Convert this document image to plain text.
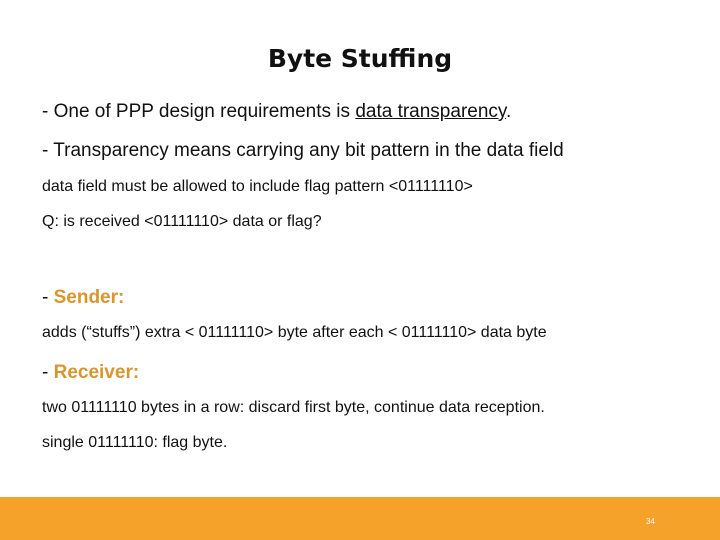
Byte Stuffing
- One of PPP design requirements is data transparency.
- Transparency means carrying any bit pattern in the data field
data field must be allowed to include flag pattern <01111110>
Q: is received <01111110> data or flag?
- Sender:
adds (“stuffs”) extra < 01111110> byte after each < 01111110> data byte
- Receiver:
two 01111110 bytes in a row: discard first byte, continue data reception.
single 01111110: flag byte.
34
